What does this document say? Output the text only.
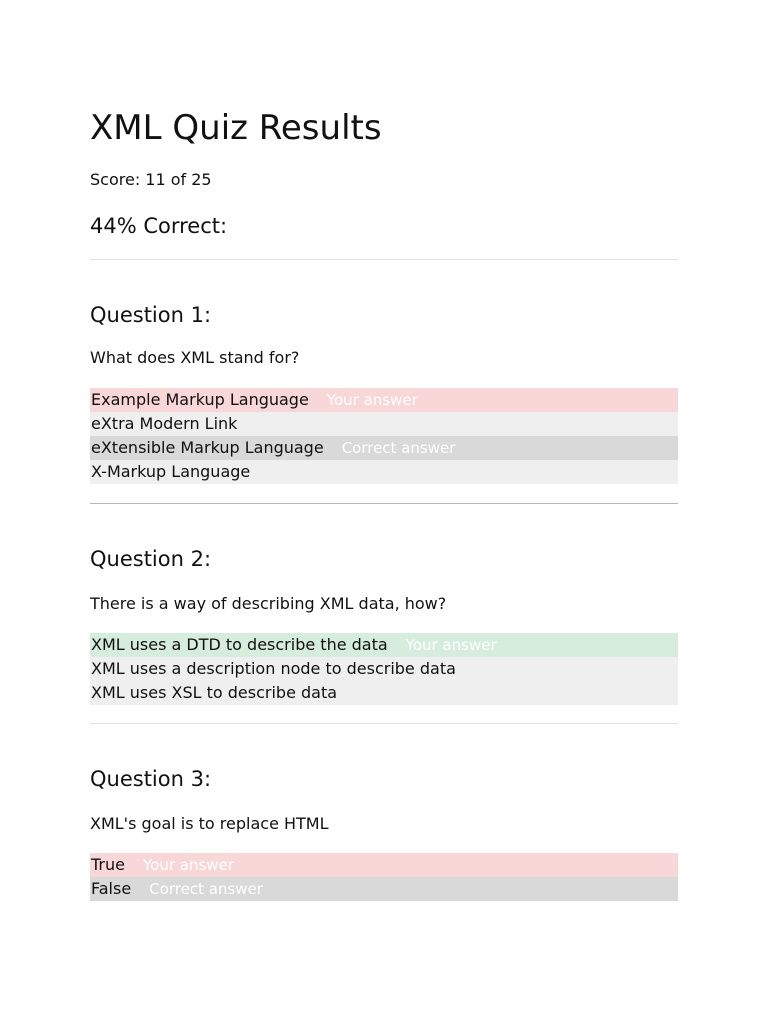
XML Quiz Results
Score: 11 of 25
44% Correct:
Question 1:

What does XML stand for?

Example Markup Language Your answer
eXtra Modern Link
eXtensible Markup Language Correct answer
X-Markup Language
Question 2:

There is a way of describing XML data, how?

XML uses a DTD to describe the data Your answer
XML uses a description node to describe data
XML uses XSL to describe data
Question 3:

XML's goal is to replace HTML

True Your answer
False Correct answer
